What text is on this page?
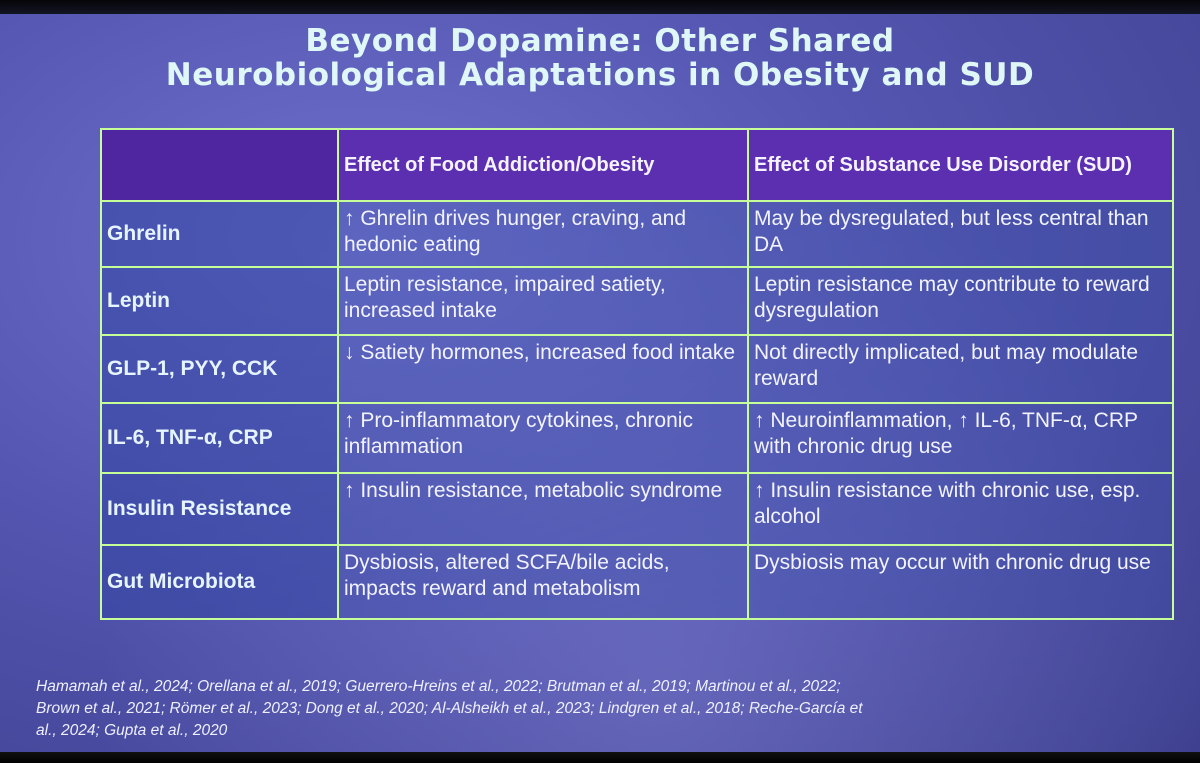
Beyond Dopamine: Other Shared
Neurobiological Adaptations in Obesity and SUD
	Effect of Food Addiction/Obesity	Effect of Substance Use Disorder (SUD)
Ghrelin	↑ Ghrelin drives hunger, craving, and hedonic eating	May be dysregulated, but less central than DA
Leptin	Leptin resistance, impaired satiety, increased intake	Leptin resistance may contribute to reward dysregulation
GLP-1, PYY, CCK	↓ Satiety hormones, increased food intake	Not directly implicated, but may modulate reward
IL-6, TNF-α, CRP	↑ Pro-inflammatory cytokines, chronic inflammation	↑ Neuroinflammation, ↑ IL-6, TNF-α, CRP with chronic drug use
Insulin Resistance	↑ Insulin resistance, metabolic syndrome	↑ Insulin resistance with chronic use, esp. alcohol
Gut Microbiota	Dysbiosis, altered SCFA/bile acids, impacts reward and metabolism	Dysbiosis may occur with chronic drug use
Hamamah et al., 2024; Orellana et al., 2019; Guerrero-Hreins et al., 2022; Brutman et al., 2019; Martinou et al., 2022;
Brown et al., 2021; Römer et al., 2023; Dong et al., 2020; Al-Alsheikh et al., 2023; Lindgren et al., 2018; Reche-García et
al., 2024; Gupta et al., 2020
